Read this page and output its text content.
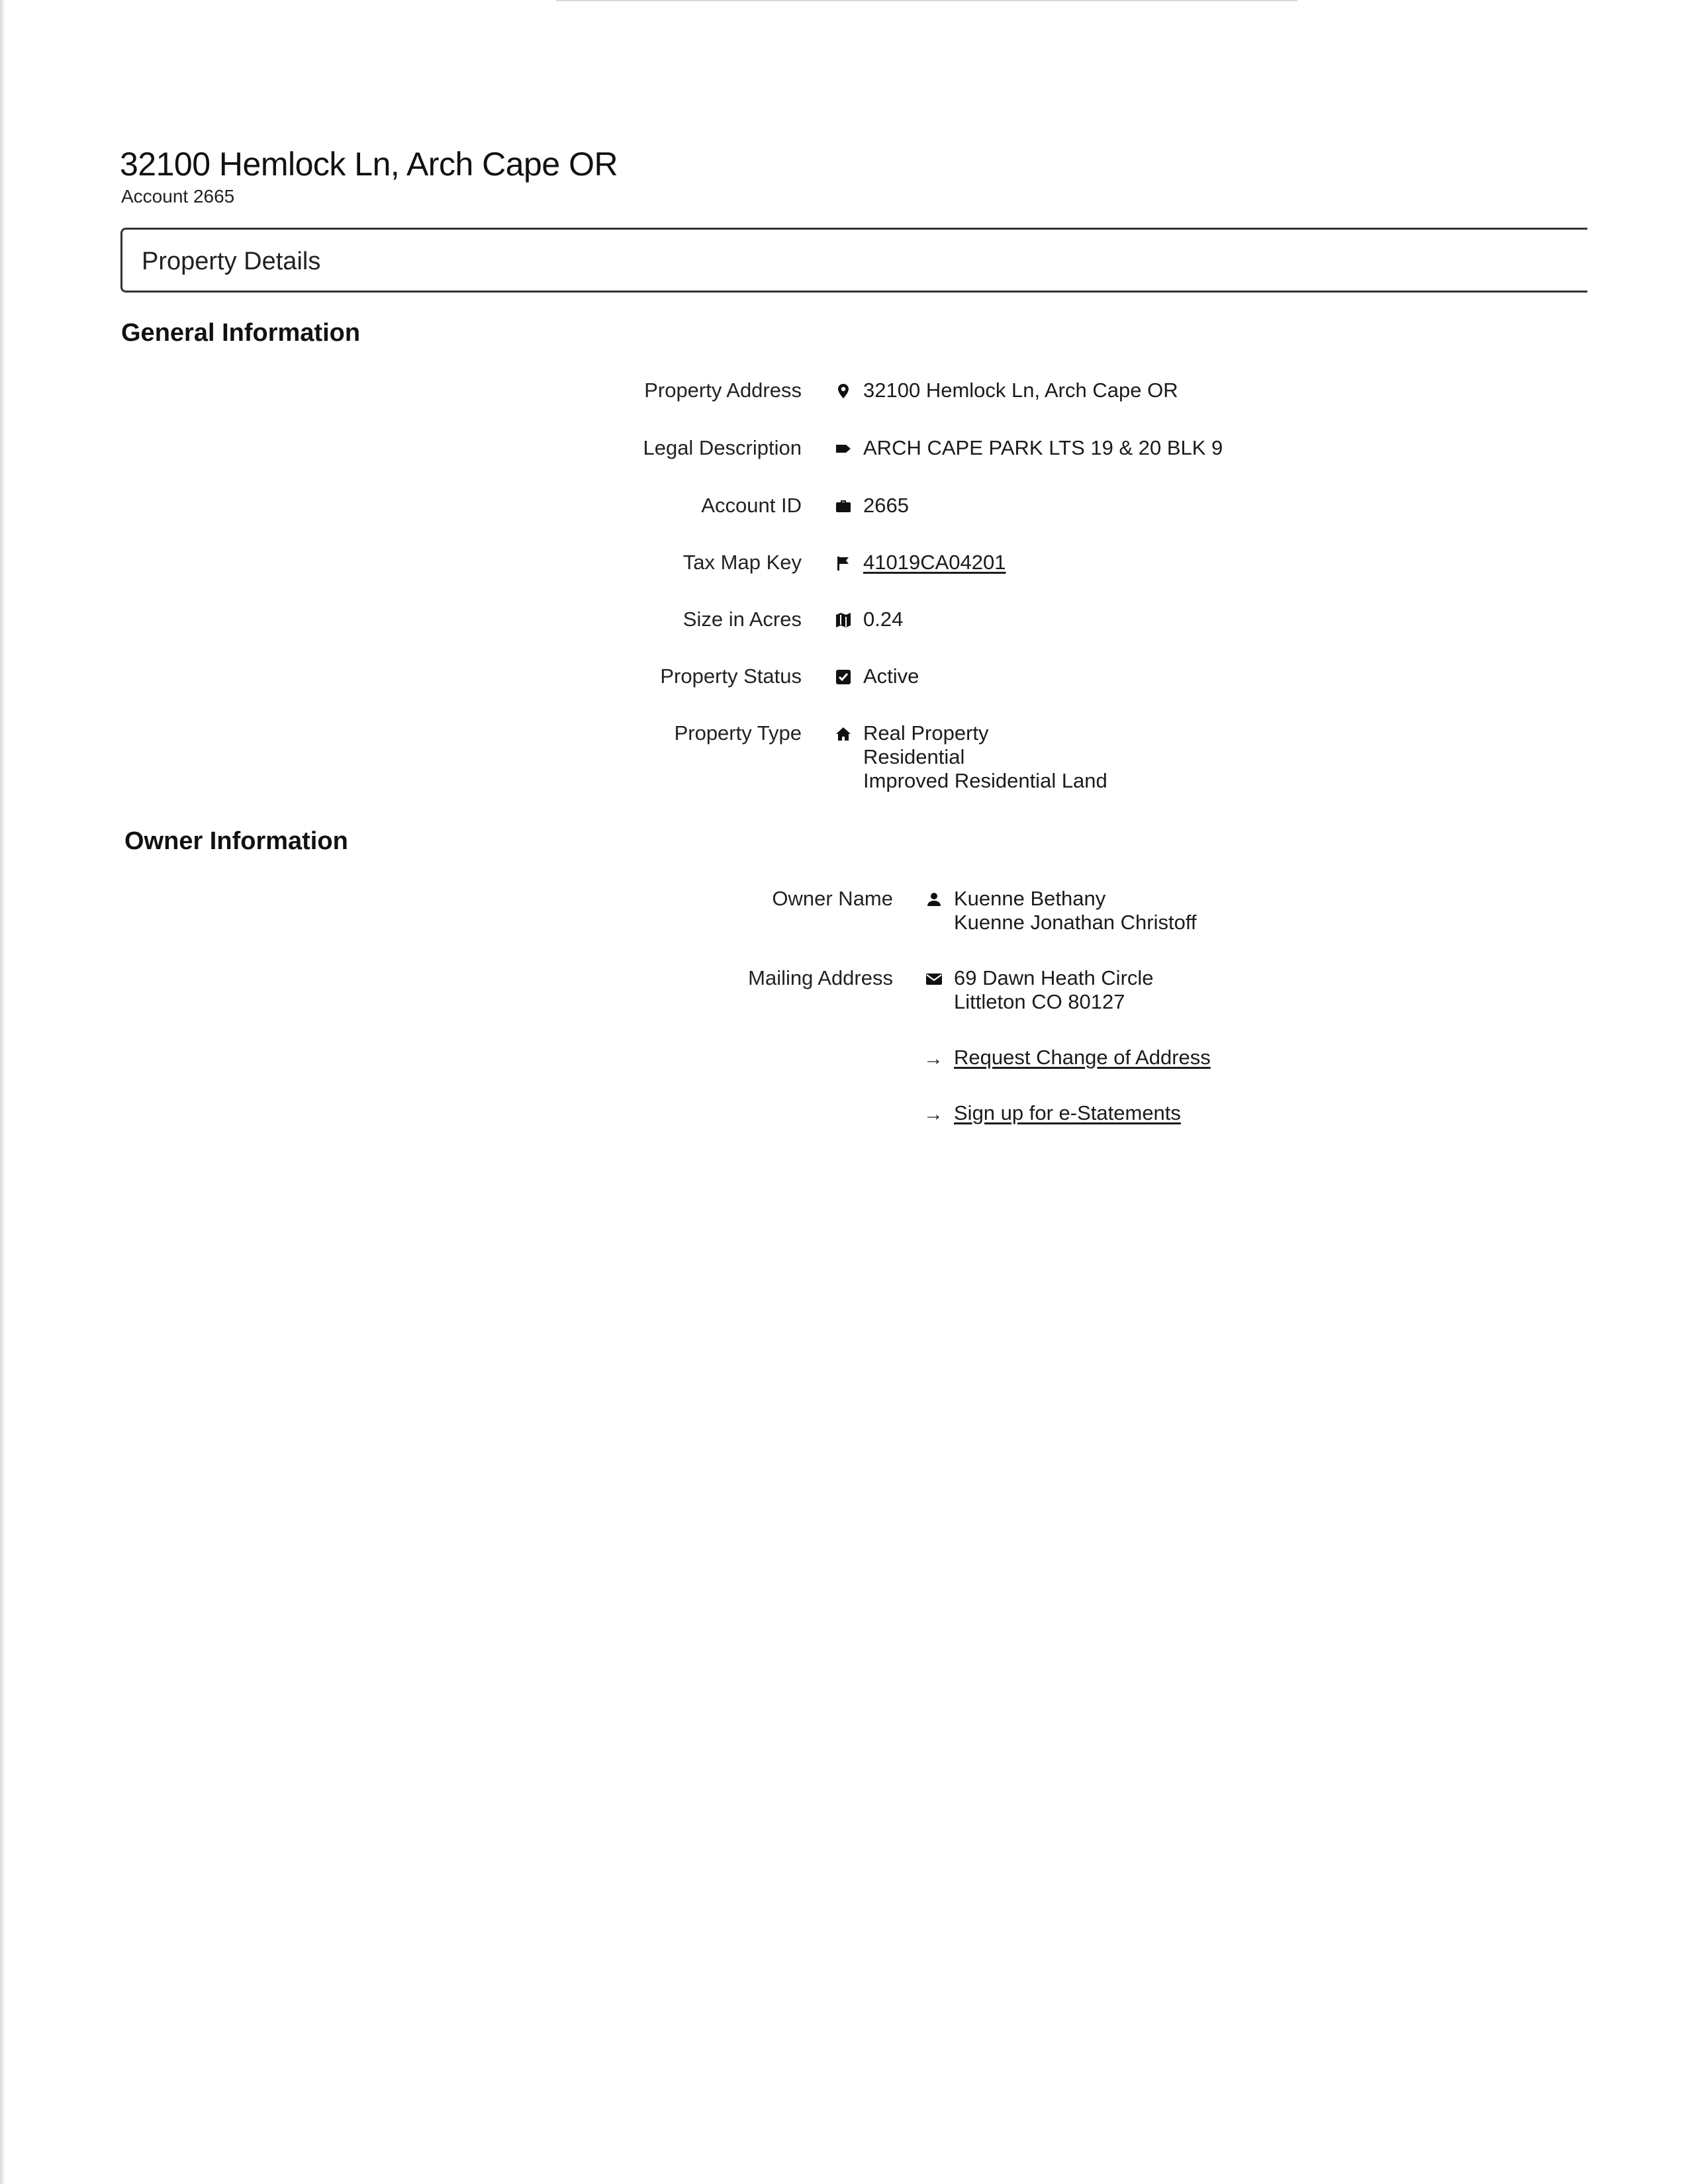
32100 Hemlock Ln, Arch Cape OR
Account 2665
Property Details
General Information
Property Address	32100 Hemlock Ln, Arch Cape OR
Legal Description	ARCH CAPE PARK LTS 19 & 20 BLK 9
Account ID	2665
Tax Map Key	41019CA04201
Size in Acres	0.24
Property Status	Active
Property Type	Real Property
Residential
Improved Residential Land
Owner Information
Owner Name	Kuenne Bethany
Kuenne Jonathan Christoff
Mailing Address	69 Dawn Heath Circle
Littleton CO 80127
→ Request Change of Address
→ Sign up for e-Statements
